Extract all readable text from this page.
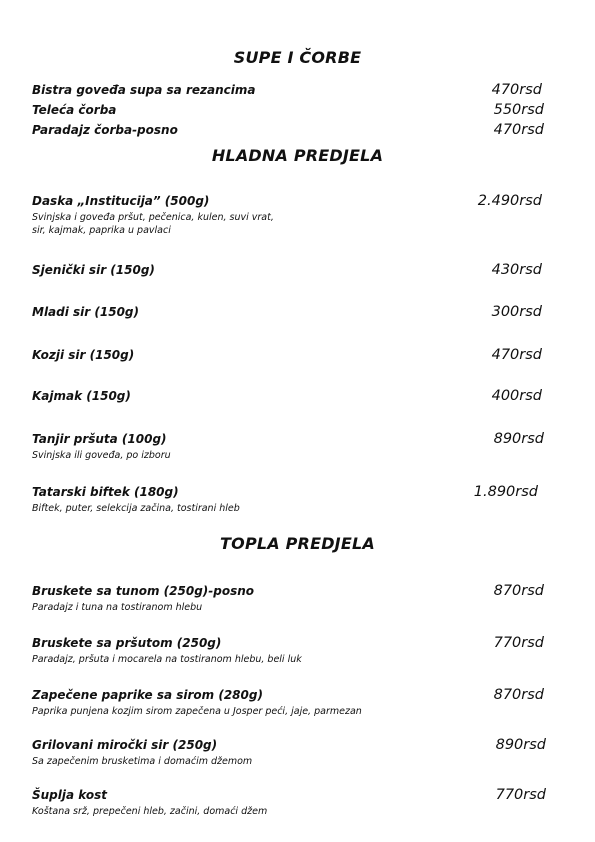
SUPE I ČORBE
Bistra goveđa supa sa rezancima	470rsd
Teleća čorba	550rsd
Paradajz čorba-posno	470rsd
HLADNA PREDJELA
Daska „Institucija” (500g)
Svinjska i goveđa pršut, pečenica, kulen, suvi vrat,
sir, kajmak, paprika u pavlaci
2.490rsd
Sjenički sir (150g)	430rsd
Mladi sir (150g)	300rsd
Kozji sir (150g)	470rsd
Kajmak (150g)	400rsd
Tanjir pršuta (100g)
Svinjska ili goveđa, po izboru
890rsd
Tatarski biftek (180g)
Biftek, puter, selekcija začina, tostirani hleb
1.890rsd
TOPLA PREDJELA
Bruskete sa tunom (250g)-posno
Paradajz i tuna na tostiranom hlebu
870rsd
Bruskete sa pršutom (250g)
Paradajz, pršuta i mocarela na tostiranom hlebu, beli luk
770rsd
Zapečene paprike sa sirom (280g)
Paprika punjena kozjim sirom zapečena u Josper peći, jaje, parmezan
870rsd
Grilovani miročki sir (250g)
Sa zapečenim brusketima i domaćim džemom
890rsd
Šuplja kost
Koštana srž, prepečeni hleb, začini, domaći džem
770rsd
